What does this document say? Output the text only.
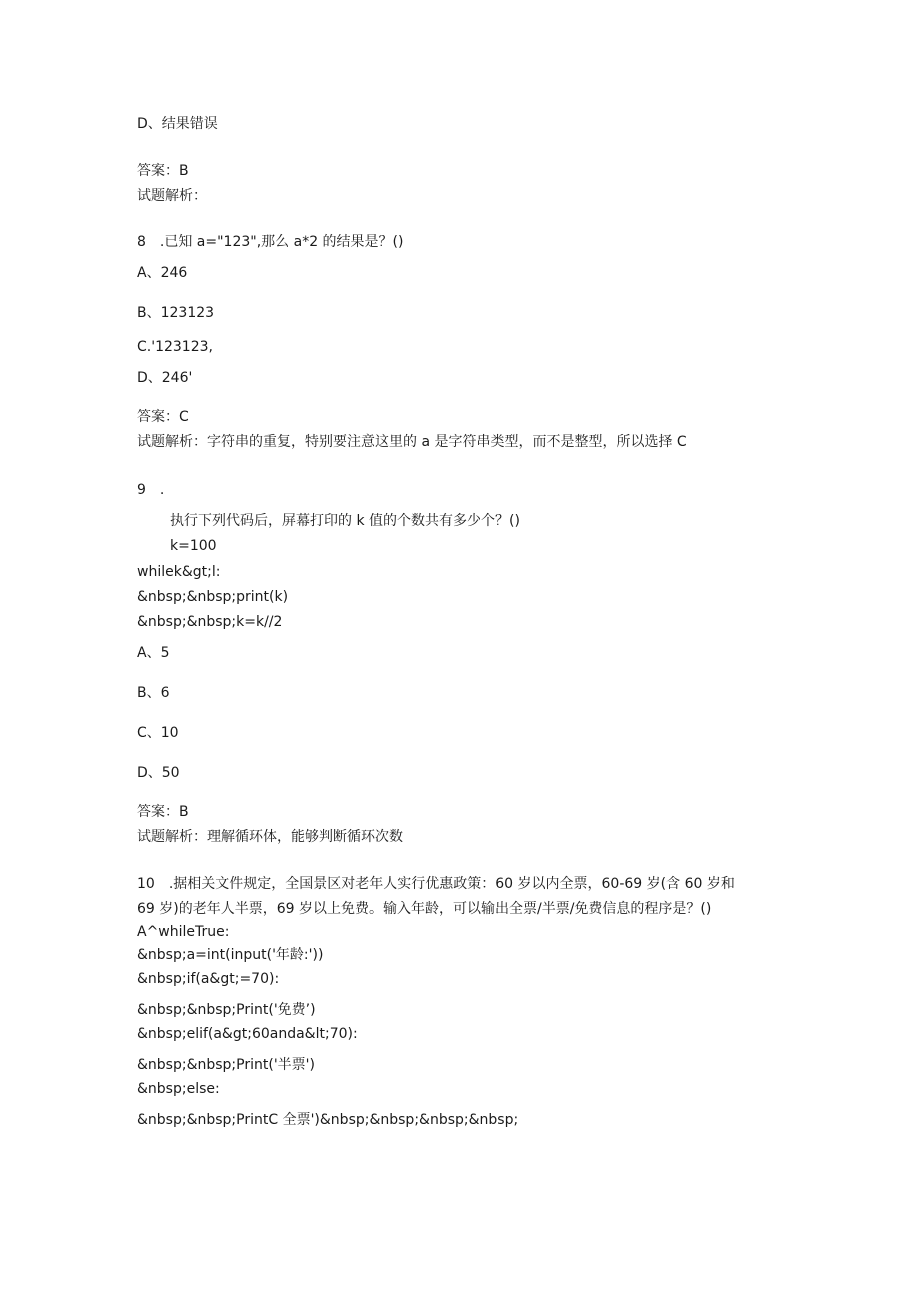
D、结果错误
答案：B
试题解析：
8　.已知 a="123",那么 a*2 的结果是？()
A、246
B、123123
C.'123123,
D、246'
答案：C
试题解析：字符串的重复，特别要注意这里的 a 是字符串类型，而不是整型，所以选择 C
9　.
执行下列代码后，屏幕打印的 k 值的个数共有多少个？()
k=100
whilek&gt;l:
&nbsp;&nbsp;print(k)
&nbsp;&nbsp;k=k//2
A、5
B、6
C、10
D、50
答案：B
试题解析：理解循环体，能够判断循环次数
10　.据相关文件规定，全国景区对老年人实行优惠政策：60 岁以内全票，60-69 岁(含 60 岁和
69 岁)的老年人半票，69 岁以上免费。输入年龄，可以输出全票/半票/免费信息的程序是？()
A^whileTrue:
&nbsp;a=int(input('年龄:'))
&nbsp;if(a&gt;=70):
&nbsp;&nbsp;Print('免费’)
&nbsp;elif(a&gt;60anda&lt;70):
&nbsp;&nbsp;Print('半票')
&nbsp;else:
&nbsp;&nbsp;PrintC 全票')&nbsp;&nbsp;&nbsp;&nbsp;
